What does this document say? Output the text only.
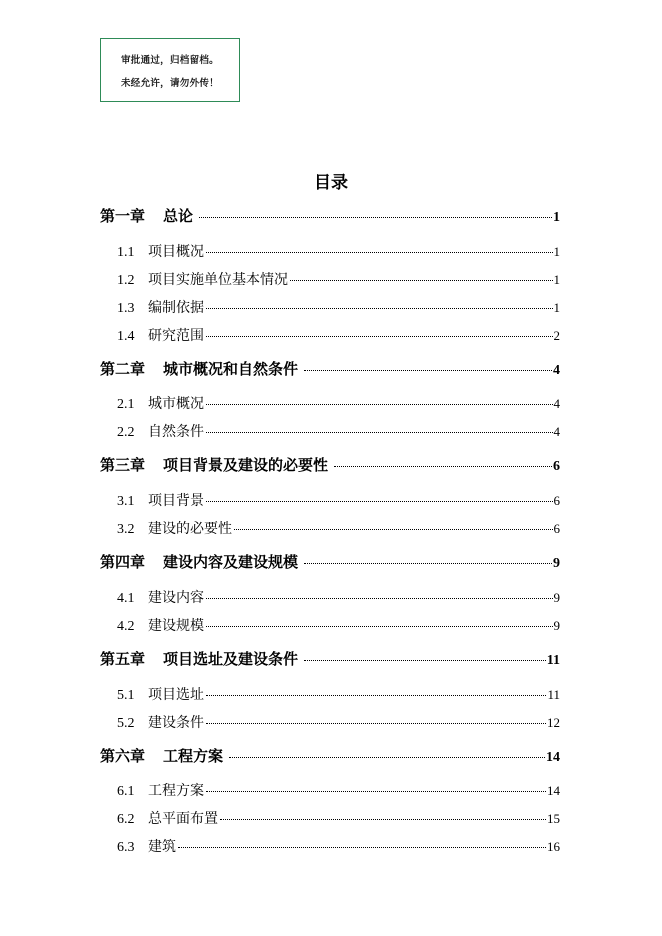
审批通过，归档留档。
未经允许，请勿外传！
目录
第一章	总论	1
1.1 项目概况	1
1.2 项目实施单位基本情况	1
1.3 编制依据	1
1.4 研究范围	2
第二章	城市概况和自然条件	4
2.1 城市概况	4
2.2 自然条件	4
第三章	项目背景及建设的必要性	6
3.1 项目背景	6
3.2 建设的必要性	6
第四章	建设内容及建设规模	9
4.1 建设内容	9
4.2 建设规模	9
第五章	项目选址及建设条件	11
5.1 项目选址	11
5.2 建设条件	12
第六章	工程方案	14
6.1 工程方案	14
6.2 总平面布置	15
6.3 建筑	16
